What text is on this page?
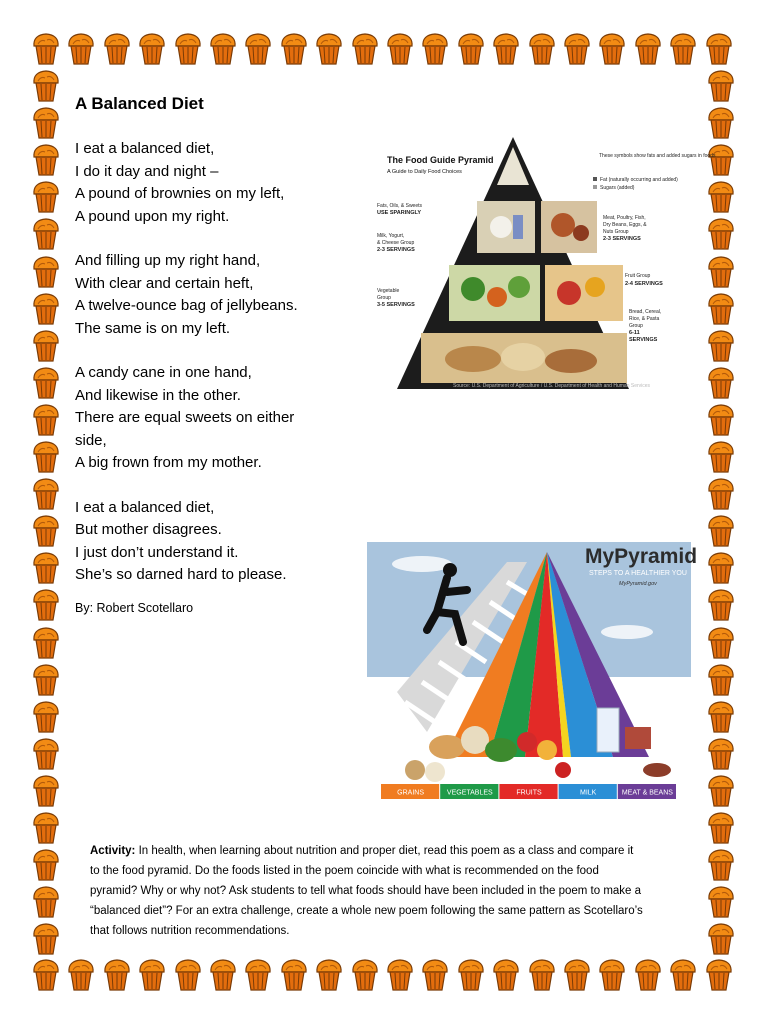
A Balanced Diet
I eat a balanced diet,
I do it day and night –
A pound of brownies on my left,
A pound upon my right.
And filling up my right hand,
With clear and certain heft,
A twelve-ounce bag of jellybeans.
The same is on my left.
A candy cane in one hand,
And likewise in the other.
There are equal sweets on either
side,
A big frown from my mother.
I eat a balanced diet,
But mother disagrees.
I just don’t understand it.
She’s so darned hard to please.
By: Robert Scotellaro
The Food Guide Pyramid
A Guide to Daily Food Choices
These symbols show fats and added sugars in foods
Fat (naturally occurring and added)
Sugars (added)
Fats, Oils, & Sweets
USE SPARINGLY
Milk, Yogurt,
& Cheese Group
2-3 SERVINGS
Meat, Poultry, Fish,
Dry Beans, Eggs, &
Nuts Group
2-3 SERVINGS
Vegetable
Group
3-5 SERVINGS
Fruit Group
2-4 SERVINGS
Bread, Cereal,
Rice, & Pasta
Group
6-11
SERVINGS
Source: U.S. Department of Agriculture / U.S. Department of Health and Human Services
MyPyramid
STEPS TO A HEALTHIER YOU
MyPyramid.gov
GRAINS	VEGETABLES	FRUITS	MILK	MEAT & BEANS
Activity: In health, when learning about nutrition and proper diet, read this poem as a class and compare it to the food pyramid. Do the foods listed in the poem coincide with what is recommended on the food pyramid? Why or why not? Ask students to tell what foods should have been included in the poem to make a “balanced diet”? For an extra challenge, create a whole new poem following the same pattern as Scotellaro’s that follows nutrition recommendations.
